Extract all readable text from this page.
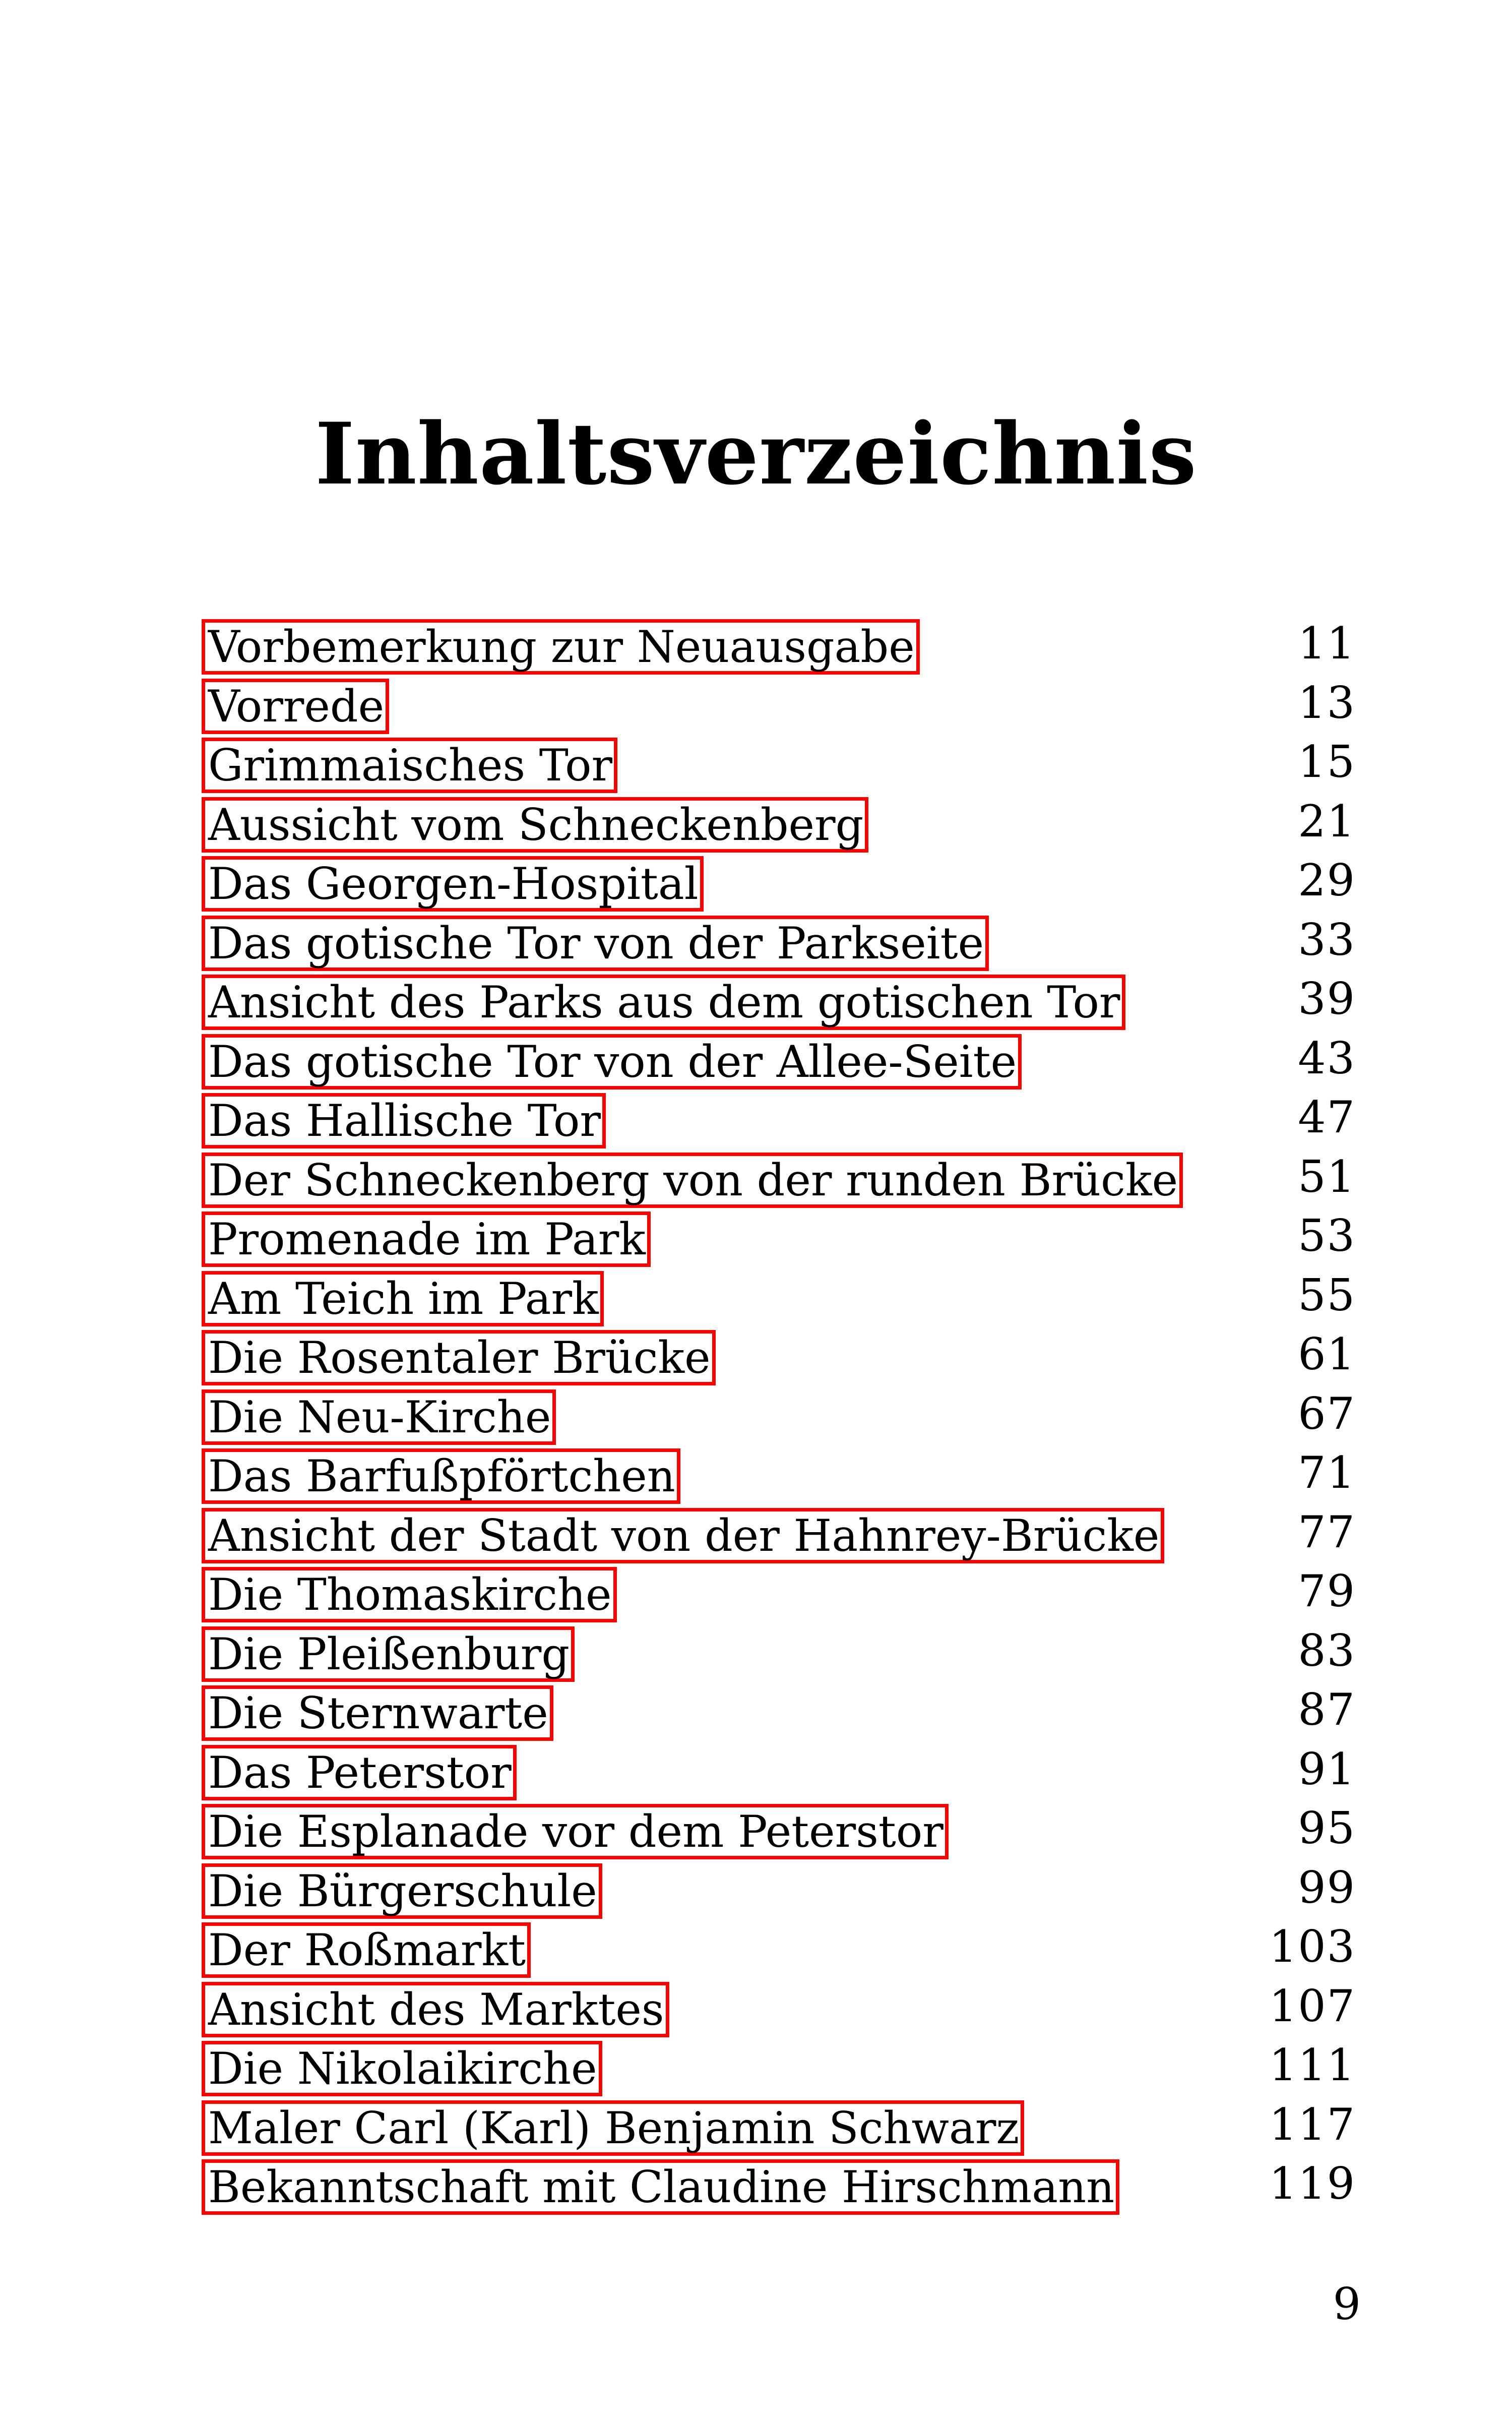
Inhaltsverzeichnis
Vorbemerkung zur Neuausgabe	11
Vorrede	13
Grimmaisches Tor	15
Aussicht vom Schneckenberg	21
Das Georgen-Hospital	29
Das gotische Tor von der Parkseite	33
Ansicht des Parks aus dem gotischen Tor	39
Das gotische Tor von der Allee-Seite	43
Das Hallische Tor	47
Der Schneckenberg von der runden Brücke	51
Promenade im Park	53
Am Teich im Park	55
Die Rosentaler Brücke	61
Die Neu-Kirche	67
Das Barfußpförtchen	71
Ansicht der Stadt von der Hahnrey-Brücke	77
Die Thomaskirche	79
Die Pleißenburg	83
Die Sternwarte	87
Das Peterstor	91
Die Esplanade vor dem Peterstor	95
Die Bürgerschule	99
Der Roßmarkt	103
Ansicht des Marktes	107
Die Nikolaikirche	111
Maler Carl (Karl) Benjamin Schwarz	117
Bekanntschaft mit Claudine Hirschmann	119
9
